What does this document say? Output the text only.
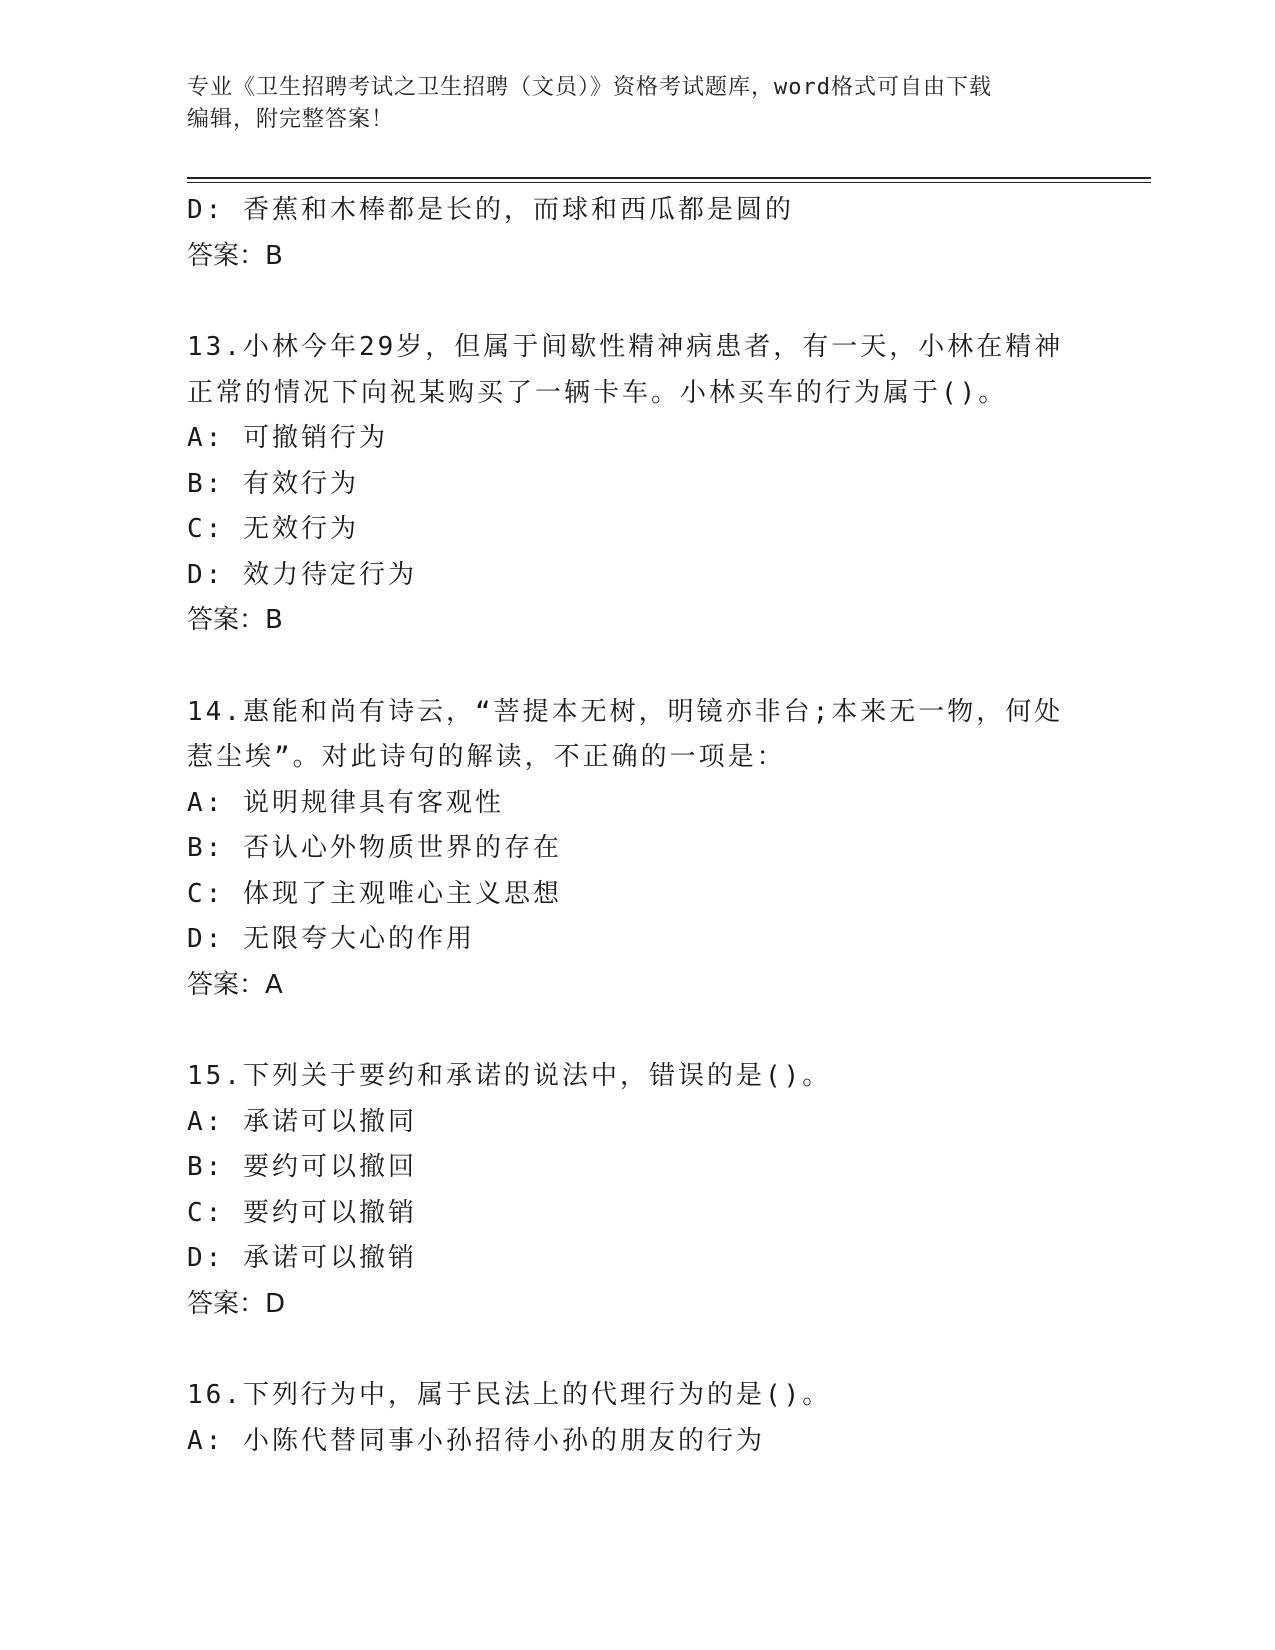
专业《卫生招聘考试之卫生招聘（文员）》资格考试题库，word格式可自由下载
编辑，附完整答案！
D: 香蕉和木棒都是长的，而球和西瓜都是圆的
答案：B
13.小林今年29岁，但属于间歇性精神病患者，有一天，小林在精神
正常的情况下向祝某购买了一辆卡车。小林买车的行为属于()。
A: 可撤销行为
B: 有效行为
C: 无效行为
D: 效力待定行为
答案：B
14.惠能和尚有诗云，“菩提本无树，明镜亦非台;本来无一物，何处
惹尘埃”。对此诗句的解读，不正确的一项是：
A: 说明规律具有客观性
B: 否认心外物质世界的存在
C: 体现了主观唯心主义思想
D: 无限夸大心的作用
答案：A
15.下列关于要约和承诺的说法中，错误的是()。
A: 承诺可以撤同
B: 要约可以撤回
C: 要约可以撤销
D: 承诺可以撤销
答案：D
16.下列行为中，属于民法上的代理行为的是()。
A: 小陈代替同事小孙招待小孙的朋友的行为
